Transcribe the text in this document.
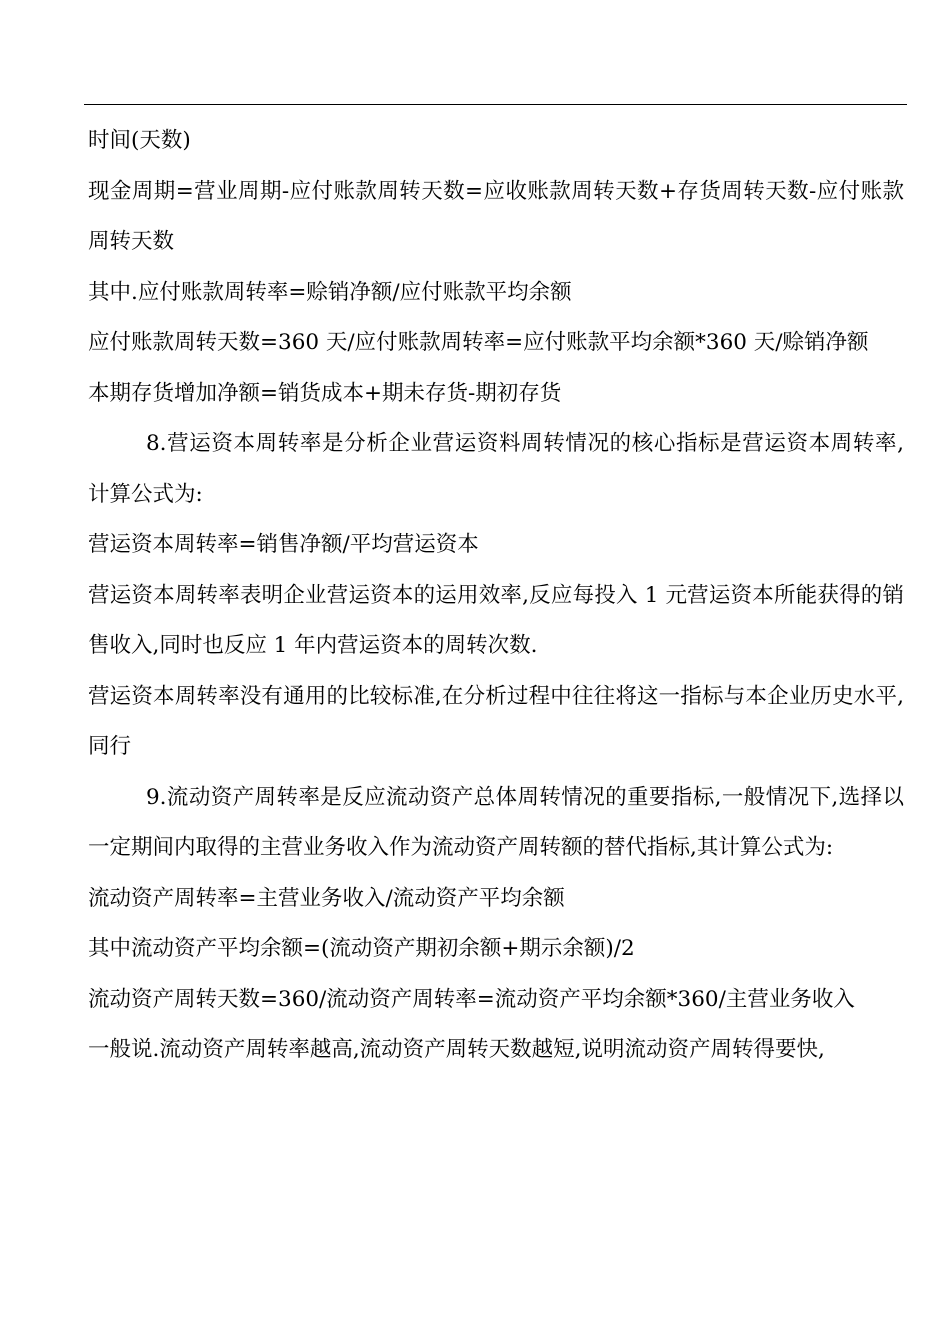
时间(天数)

现金周期=营业周期-应付账款周转天数=应收账款周转天数+存货周转天数-应付账款周转天数

其中.应付账款周转率=赊销净额/应付账款平均余额

应付账款周转天数=360 天/应付账款周转率=应付账款平均余额*360 天/赊销净额

本期存货增加净额=销货成本+期未存货-期初存货

8.营运资本周转率是分析企业营运资料周转情况的核心指标是营运资本周转率,计算公式为:

营运资本周转率=销售净额/平均营运资本

营运资本周转率表明企业营运资本的运用效率,反应每投入 1 元营运资本所能获得的销售收入,同时也反应 1 年内营运资本的周转次数.

营运资本周转率没有通用的比较标准,在分析过程中往往将这一指标与本企业历史水平,同行

9.流动资产周转率是反应流动资产总体周转情况的重要指标,一般情况下,选择以一定期间内取得的主营业务收入作为流动资产周转额的替代指标,其计算公式为:

流动资产周转率=主营业务收入/流动资产平均余额

其中流动资产平均余额=(流动资产期初余额+期示余额)/2

流动资产周转天数=360/流动资产周转率=流动资产平均余额*360/主营业务收入

一般说.流动资产周转率越高,流动资产周转天数越短,说明流动资产周转得要快,
